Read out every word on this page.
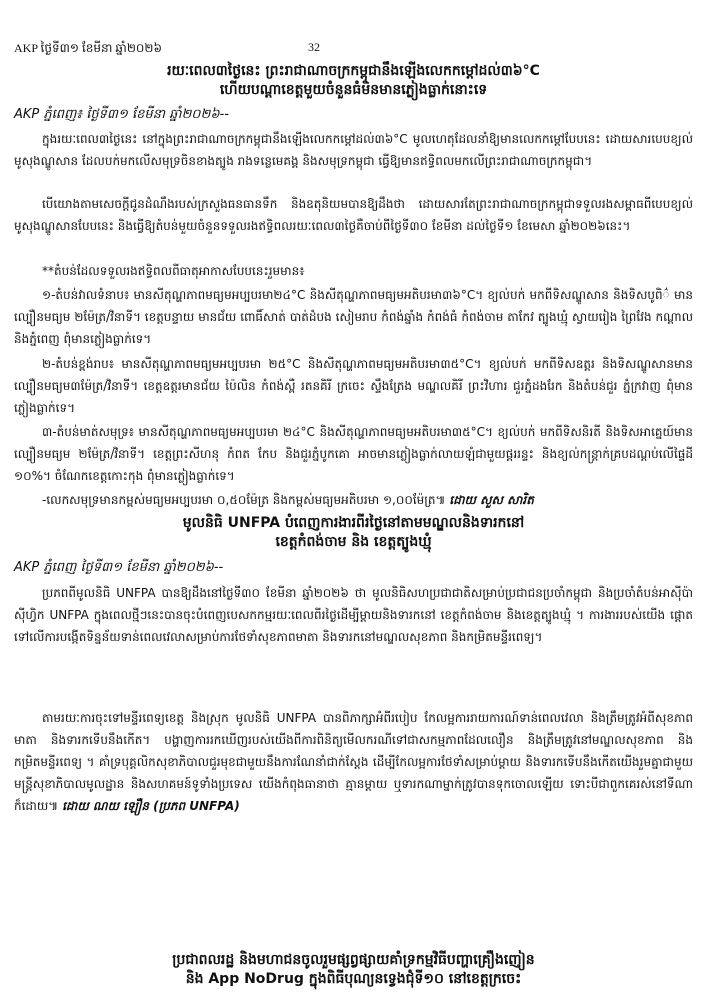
AKP ថ្ងៃទី៣១ ខែមីនា ឆ្នាំ២០២៦	32

រយៈពេល៣ថ្ងៃនេះ ព្រះរាជាណាចក្រកម្ពុជានឹងឡើងលេកកម្ដៅដល់៣៦°C

ហើយបណ្ដាខេត្តមួយចំនួនធំមិនមានភ្លៀងធ្លាក់នោះទេ

AKP ភ្នំពេញ៖ ថ្ងៃទី៣១ ខែមីនា ឆ្នាំ២០២៦--

ក្នុងរយៈពេល៣ថ្ងៃនេះ នៅក្នុងព្រះរាជាណាចក្រកម្ពុជានឹងឡើងលេកកម្ដៅដល់៣៦°C មូលហេតុដែលនាំឱ្យមានលេកកម្ដៅបែបនេះ ដោយសារបេបខ្យល់មូសុងណ្ឌូសាន ដែលបក់មកលើសមុទ្រចិនខាងត្បូង រាងទន្លេមេគង្គ និងសមុទ្រកម្ពុជា ធ្វើឱ្យមានឥទ្ធិពលមកលើព្រះរាជាណាចក្រកម្ពុជា។

បើយោងតាមសេចក្ដីជូនដំណឹងរបស់ក្រសួងធនធានទឹក និងឧតុនិយមបានឱ្យដឹងថា ដោយសារតែព្រះរាជាណាចក្រកម្ពុជាទទួលរងសម្ពាធពីបេបខ្យល់មូសុងណ្ឌូសានបែបនេះ និងធ្វើឱ្យតំបន់មួយចំនួនទទួលរងឥទ្ធិពលរយៈពេល៣ថ្ងៃគឺចាប់ពីថ្ងៃទី៣០ ខែមីនា ដល់ថ្ងៃទី១ ខែមេសា ឆ្នាំ២០២៦នេះ។

**តំបន់ដែលទទួលរងឥទ្ធិពលពីធាតុអាកាសបែបនេះរួមមាន៖

១-តំបន់វាលទំនាប៖ មានសីតុណ្ហភាពមធ្យមអប្បបរមា២៤°C និងសីតុណ្ហភាពមធ្យមអតិបរមា៣៦°C។ ខ្យល់បក់ មកពីទិសណ្ឌូសាន និងទិសបូពិ៌ មានល្បឿនមធ្យម ២ម៉ែត្រ/វិនាទី។ ខេត្តបន្ទាយ មានជ័យ ពោធិ៍សាត់ បាត់ដំបង សៀមរាប កំពង់ឆ្នាំង កំពង់ធំ កំពង់ចាម តាកែវ ត្បូងឃ្មុំ ស្វាយរៀង ព្រៃវែង កណ្ដាល និងភ្នំពេញ ពុំមានភ្លៀងធ្លាក់ទេ។

២-តំបន់ខ្ពង់រាប៖ មានសីតុណ្ហភាពមធ្យមអប្បបរមា ២៥°C និងសីតុណ្ហភាពមធ្យមអតិបរមា៣៥°C។ ខ្យល់បក់ មកពីទិសឧត្តរ និងទិសណ្ឌូសានមានល្បឿនមធ្យម៣ម៉ែត្រ/វិនាទី។ ខេត្តឧត្តរមានជ័យ ប៉ៃលិន កំពង់ស្ពឺ រតនគិរី ក្រចេះ ស្ទឹងត្រែង មណ្ឌលគិរី ព្រះវិហារ ជួរភ្នំដងរែក និងតំបន់ជួរ ភ្នំក្រវាញ ពុំមានភ្លៀងធ្លាក់ទេ។

៣-តំបន់មាត់សមុទ្រ៖ មានសីតុណ្ហភាពមធ្យមអប្បបរមា ២៤°C និងសីតុណ្ហភាពមធ្យមអតិបរមា៣៥°C។ ខ្យល់បក់ មកពីទិសនិរតី និងទិសអាគ្នេយ៍មានល្បឿនមធ្យម ២ម៉ែត្រ/វិនាទី។ ខេត្តព្រះសីហនុ កំពត កែប និងជួរភ្នំបូកគោ អាចមានភ្លៀងធ្លាក់លាយឡំជាមួយផ្គររន្ទះ និងខ្យល់កន្ត្រាក់គ្របដណ្ដប់លើផ្ទៃដី ១០%។ ចំណែកខេត្តកោះកុង ពុំមានភ្លៀងធ្លាក់ទេ។

-លេកសមុទ្រមានកម្ពស់មធ្យមអប្បបរមា ០,៥០ម៉ែត្រ និងកម្ពស់មធ្យមអតិបរមា ១,០០ម៉ែត្រ៕ ដោយ សួស សារិត

មូលនិធិ UNFPA បំពេញការងារពីរថ្ងៃនៅតាមមណ្ឌលនិងទារកនៅ

ខេត្តកំពង់ចាម និង ខេត្តត្បូងឃ្មុំ

AKP ភ្នំពេញ ថ្ងៃទី៣១ ខែមីនា ឆ្នាំ២០២៦--

ប្រភពពីមូលនិធិ UNFPA បានឱ្យដឹងនៅថ្ងៃទី៣០ ខែមីនា ឆ្នាំ២០២៦ ថា មូលនិធិសហប្រជាជាតិសម្រាប់ប្រជាជនប្រចាំកម្ពុជា និងប្រចាំតំបន់អាស៊ីប៉ាស៊ីហ្វិក UNFPA ក្នុងពេលថ្មីៗនេះបានចុះបំពេញបេសកកម្មរយៈពេលពីរថ្ងៃដើម្បីម្ដាយនិងទារកនៅ ខេត្តកំពង់ចាម និងខេត្តត្បូងឃ្មុំ ។ ការងាររបស់យើង ផ្ដោតទៅលើការបង្កើតទិន្នន័យទាន់ពេលវេលាសម្រាប់ការថែទាំសុខភាពមាតា និងទារកនៅមណ្ឌលសុខភាព និងកម្រិតមន្ទីរពេទ្យ។

តាមរយៈការចុះទៅមន្ទីរពេទ្យខេត្ត និងស្រុក មូលនិធិ UNFPA បានពិភាក្សាអំពីរបៀប កែលម្អការរាយការណ៍ទាន់ពេលវេលា និងត្រឹមត្រូវអំពីសុខភាពមាតា និងទារកទើបនឹងកើត។ បង្ហាញការរកឃើញរបស់យើងពីការពិនិត្យមើលករណីទៅជាសកម្មភាពដែលលឿន និងត្រឹមត្រូវនៅមណ្ឌលសុខភាព និងកម្រិតមន្ទីរពេទ្យ ។ គាំទ្របុគ្គលិកសុខាភិបាលជួរមុខជាមួយនឹងការណែនាំជាក់ស្ដែង ដើម្បីកែលម្អការថែទាំសម្រាប់ម្ដាយ និងទារកទើបនឹងកើតយើងរួមគ្នាជាមួយមន្ត្រីសុខាភិបាលមូលដ្ឋាន និងសហគមន៍ទូទាំងប្រទេស យើងកំពុងធានាថា គ្មានម្ដាយ ឬទារកណាម្នាក់ត្រូវបានទុកចោលឡើយ ទោះបីជាពួកគេរស់នៅទីណាក៏ដោយ៕ ដោយ ណយ ឡឿន (ប្រភព UNFPA)

ប្រជាពលរដ្ឋ និងមហាជនចូលរួមផ្សព្វផ្សាយគាំទ្រកម្មវិធីបញ្ហាគ្រឿងញៀន

និង App NoDrug ក្នុងពិធីបុណ្យនទ្វេងជុំទី១០ នៅខេត្តក្រចេះ
